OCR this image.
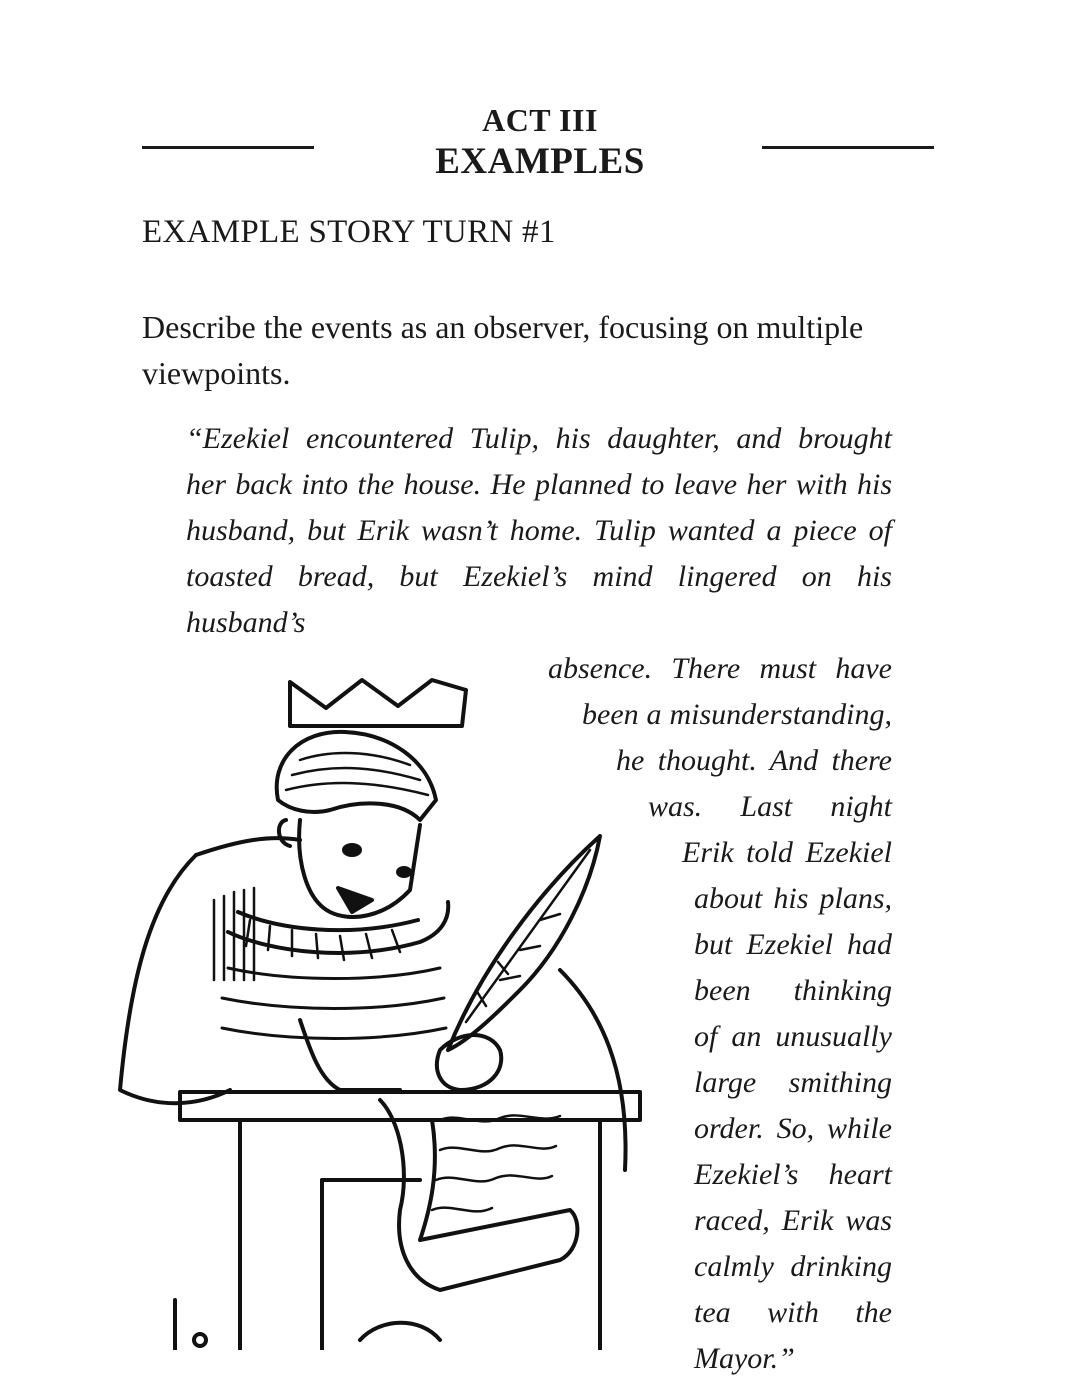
ACT III
EXAMPLES
EXAMPLE STORY TURN #1
Describe the events as an observer, focusing on multiple viewpoints.
“Ezekiel encountered Tulip, his daughter, and brought
her back into the house. He planned to leave her with his
husband, but Erik wasn’t home. Tulip wanted a piece of
toasted bread, but Ezekiel’s mind lingered on his husband’s
absence. There must have
been a misunderstanding,
he thought. And there
was. Last night
Erik told Ezekiel
about his plans,
but Ezekiel had
been thinking
of an unusually
large smithing
order. So, while
Ezekiel’s heart
raced, Erik was
calmly drinking
tea with the
Mayor.”
